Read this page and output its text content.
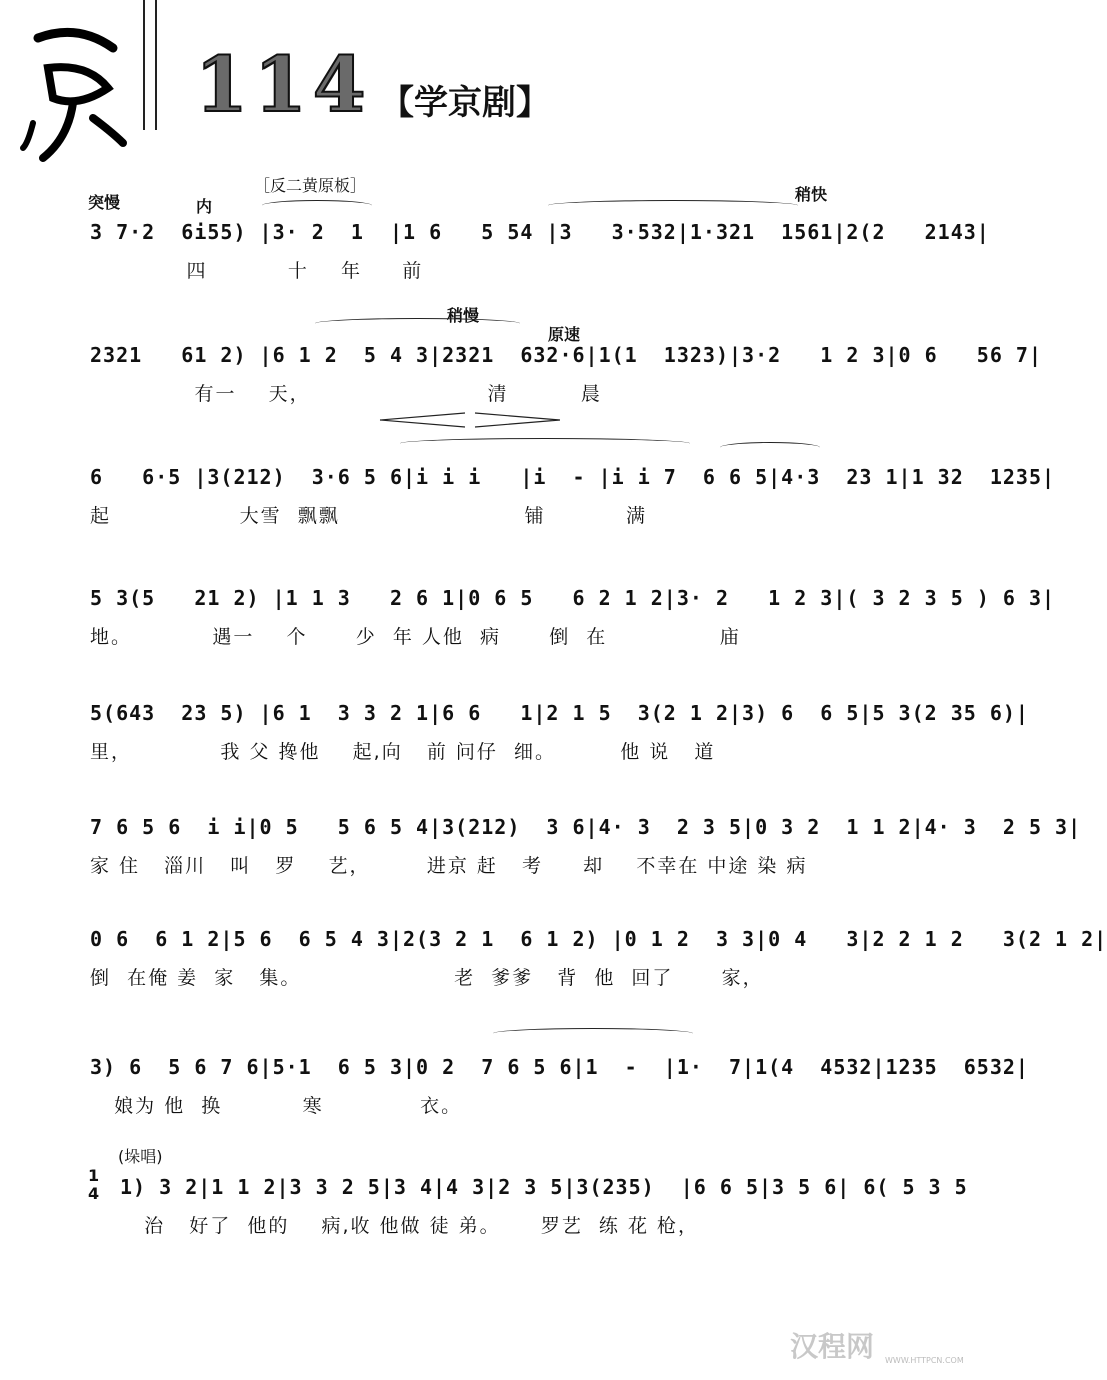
114 【学京剧】
突慢	内
［反二黄原板］	稍快
稍慢
原速
(垛唱)
1
4
3 7·2  6i55) |3· 2  1  |1 6   5 54 |3   3·532|1·321  1561|2(2   2143|
四          十    年     前
2321   61 2) |6 1 2  5 4 3|2321  632·6|1(1  1323)|3·2   1 2 3|0 6   56 7|
有一    天，                      清         晨
6   6·5 |3(212)  3·6 5 6|i i i   |i  - |i i 7  6 6 5|4·3  23 1|1 32  1235|
起                大雪  飘飘                       铺          满
5 3(5   21 2) |1 1 3   2 6 1|0 6 5   6 2 1 2|3· 2   1 2 3|( 3 2 3 5 ) 6 3|
地。          遇一    个      少  年 人他  病      倒  在              庙
5(643  23 5) |6 1  3 3 2 1|6 6   1|2 1 5  3(2 1 2|3) 6  6 5|5 3(2 35 6)|
里，           我 父 搀他    起,向   前 问仔  细。        他 说   道
7 6 5 6  i i|0 5   5 6 5 4|3(212)  3 6|4· 3  2 3 5|0 3 2  1 1 2|4· 3  2 5 3|
家 住   淄川   叫   罗    艺，       进京 赶   考     却    不幸在 中途 染 病
0 6  6 1 2|5 6  6 5 4 3|2(3 2 1  6 1 2) |0 1 2  3 3|0 4   3|2 2 1 2   3(2 1 2|
倒  在俺 姜  家   集。                   老  爹爹   背  他  回了      家，
3) 6  5 6 7 6|5·1  6 5 3|0 2  7 6 5 6|1  -  |1·  7|1(4  4532|1235  6532|
娘为 他  换          寒            衣。
1) 3 2|1 1 2|3 3 2 5|3 4|4 3|2 3 5|3(235)  |6 6 5|3 5 6| 6( 5 3 5
治   好了  他的    病,收 他做 徒 弟。     罗艺  练 花 枪，
汉程网 WWW.HTTPCN.COM
